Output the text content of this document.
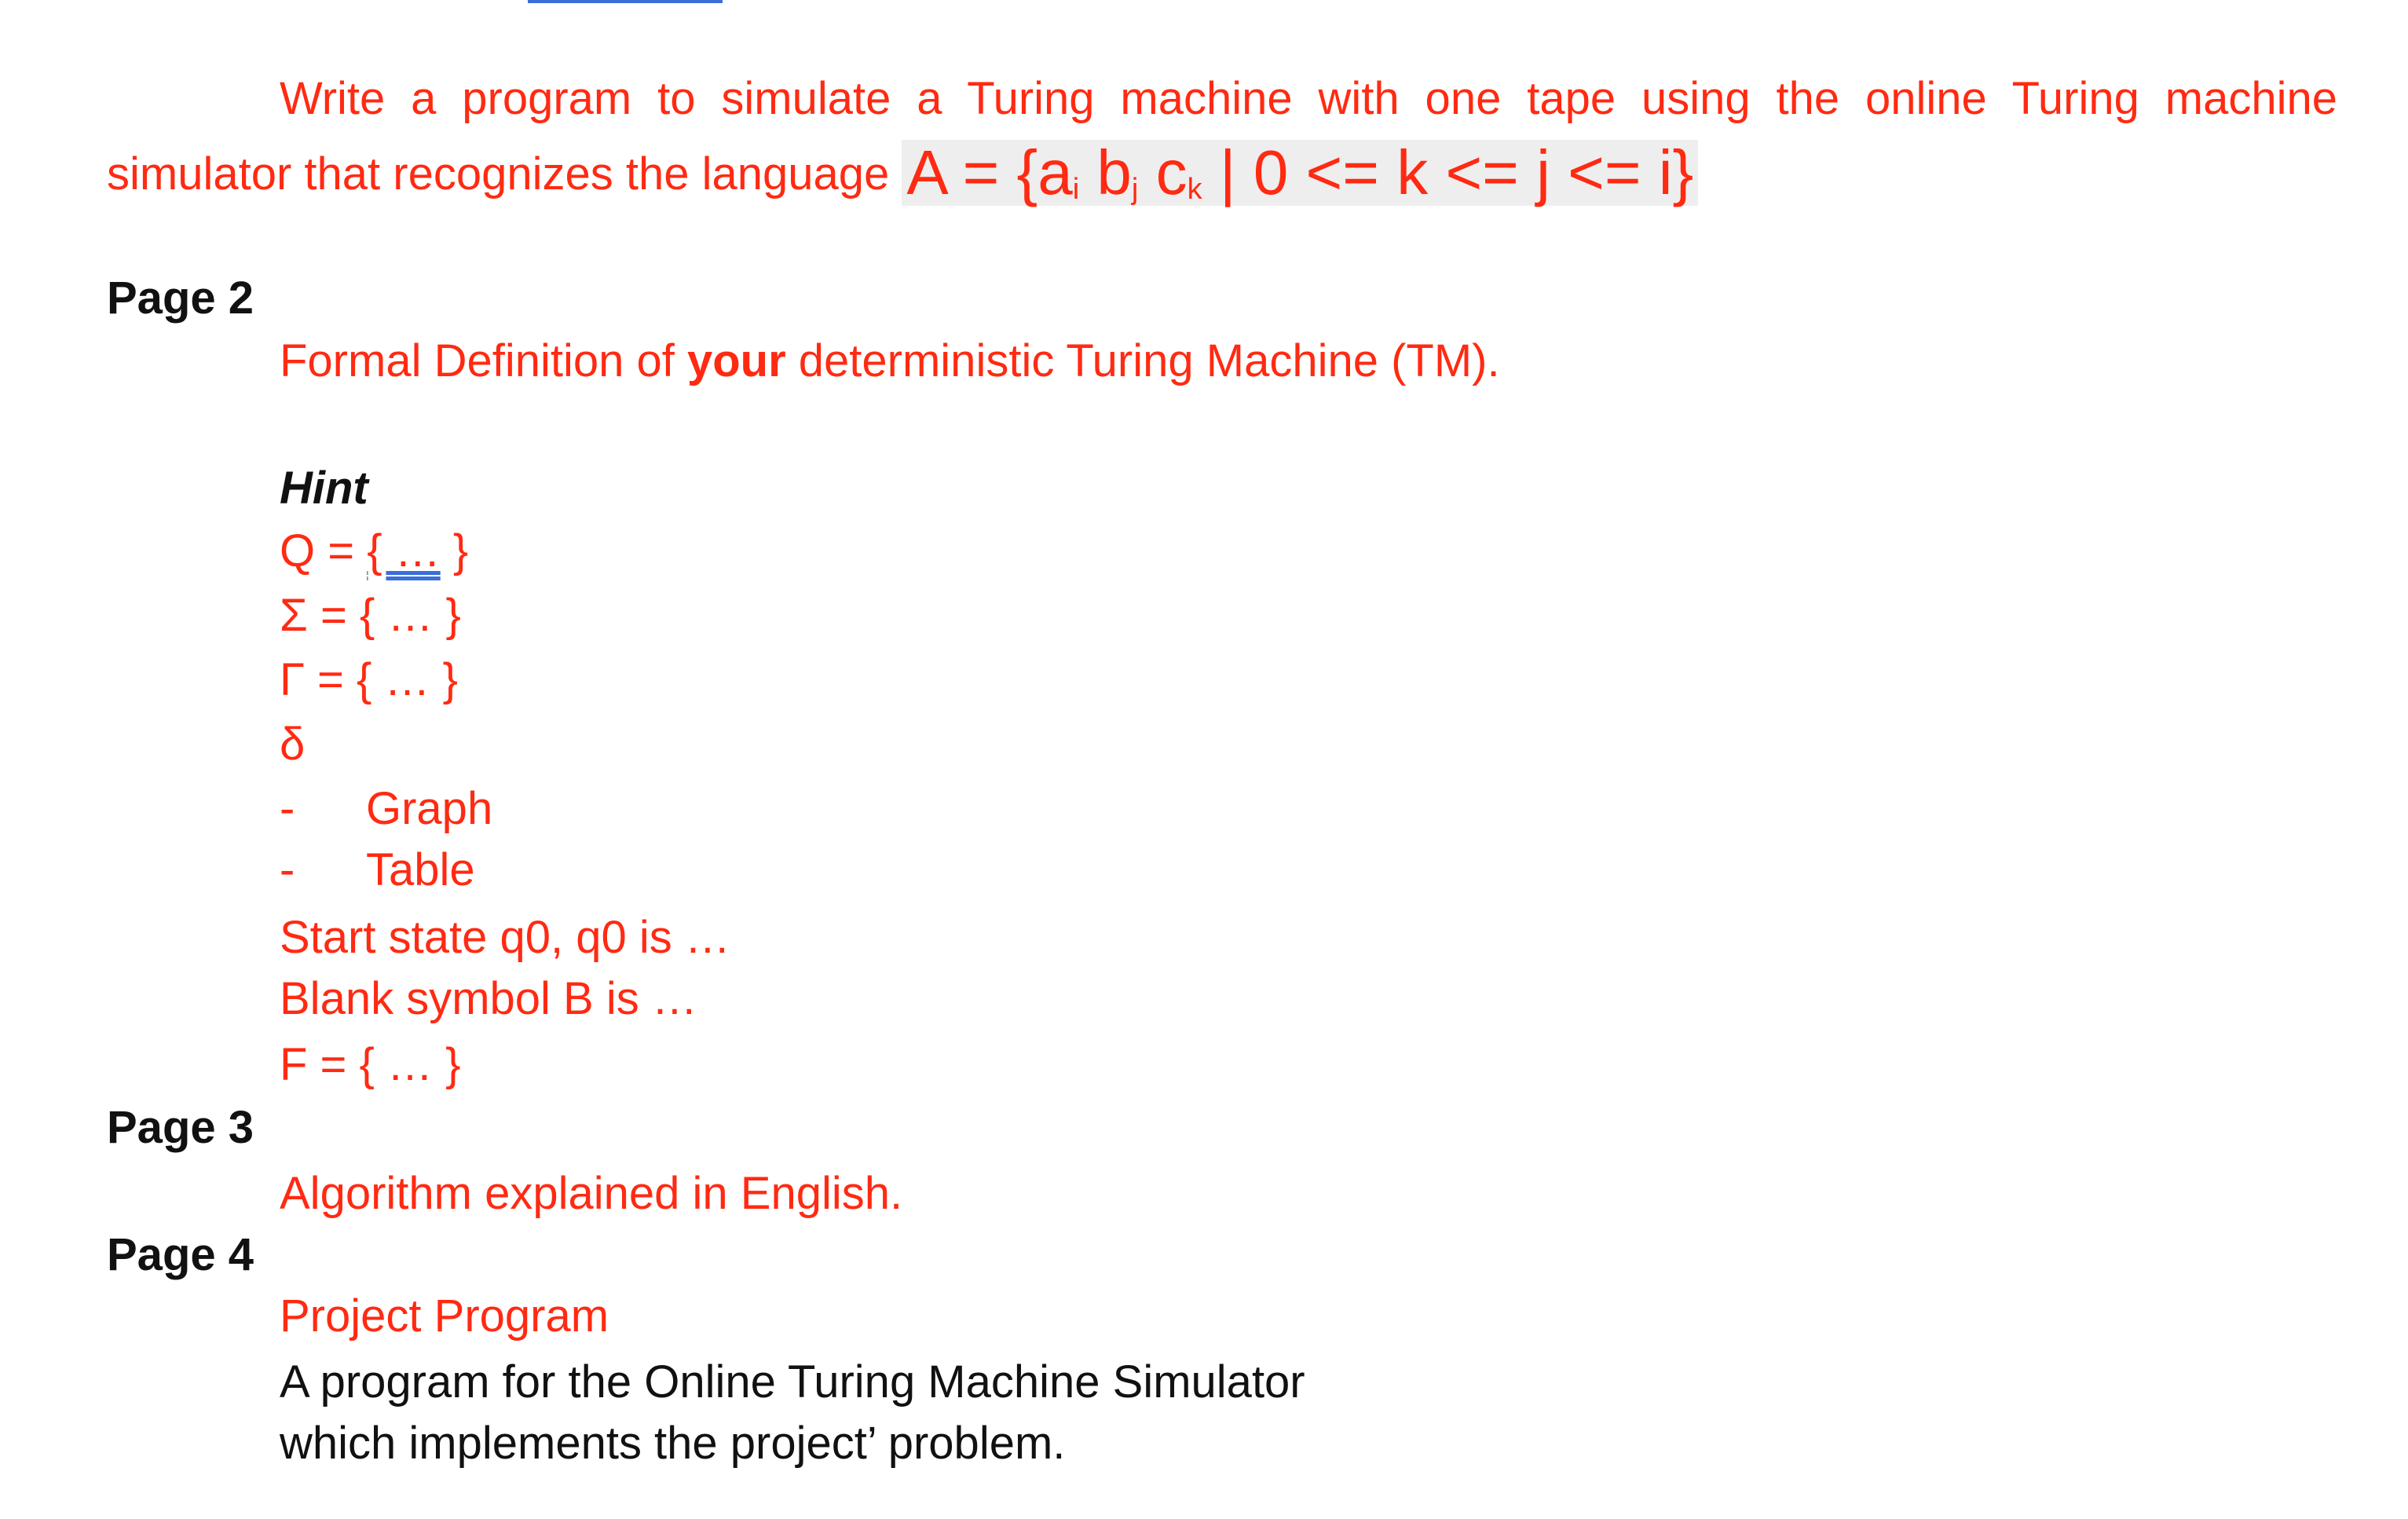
Write a program to simulate a Turing machine with one tape using the online Turing machine
simulator that recognizes the language $A = \{a_i$ $b_j$ $c_k$ | 0 <= k <= j <= i}
Page 2
Formal Definition of your deterministic Turing Machine (TM).
Hint
Q = { … }
Σ = { … }
Γ = { … }
δ
- Graph
- Table
Start state q0, q0 is …
Blank symbol B is …
F = { … }
Page 3
Algorithm explained in English.
Page 4
Project Program
A program for the Online Turing Machine Simulator
which implements the project’ problem.
